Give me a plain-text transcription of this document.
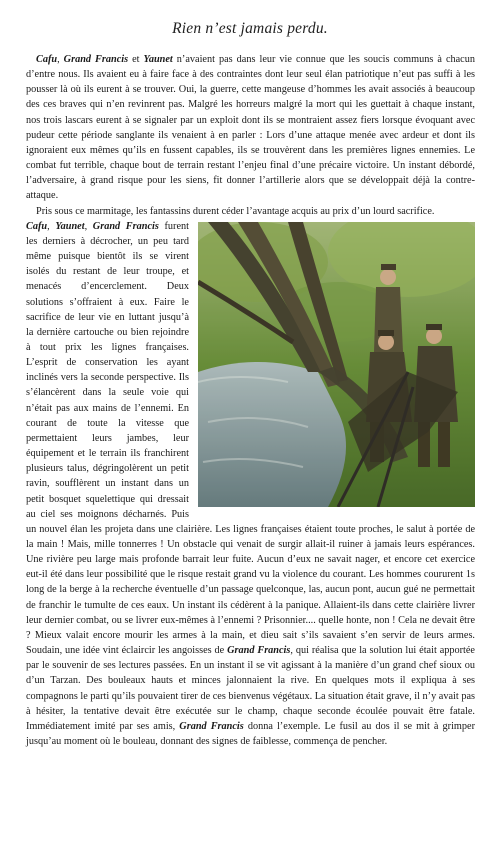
Rien n’est jamais perdu.

Cafu, Grand Francis et Yaunet n’avaient pas dans leur vie connue que les soucis communs à chacun d’entre nous. Ils avaient eu à faire face à des contraintes dont leur seul élan patriotique n’eut pas suffi à les pousser là où ils eurent à se trouver. Oui, la guerre, cette mangeuse d’hommes les avait associés à beaucoup des ces braves qui n’en revinrent pas. Malgré les horreurs malgré la mort qui les guettait à chaque instant, nos trois lascars eurent à se signaler par un exploit dont ils se montraient assez fiers lorsque évoquant avec pudeur cette période sanglante ils venaient à en parler : Lors d’une attaque menée avec ardeur et dont ils ignoraient eux mêmes qu’ils en fussent capables, ils se trouvèrent dans les premières lignes ennemies. Le combat fut terrible, chaque bout de terrain restant l’enjeu final d’une précaire victoire. Un instant débordé, l’adversaire, à grand risque pour les siens, fit donner l’artillerie alors que se développait déjà la contre-attaque.

Pris sous ce marmitage, les fantassins durent céder l’avantage acquis au prix d’un lourd sacrifice.

Cafu, Yaunet, Grand Francis furent les derniers à décrocher, un peu tard même puisque bientôt ils se virent isolés du restant de leur troupe, et menacés d’encerclement. Deux solutions s’offraient à eux. Faire le sacrifice de leur vie en luttant jusqu’à la dernière cartouche ou bien rejoindre à tout prix les lignes françaises. L’esprit de conservation les ayant inclinés vers la seconde perspective. Ils s’élancèrent dans la seule voie qui n’était pas aux mains de l’ennemi. En courant de toute la vitesse que permettaient leurs jambes, leur équipement et le terrain ils franchirent plusieurs talus, dégringolèrent un petit ravin, soufflèrent un instant dans un petit bosquet squelettique qui dressait au ciel ses moignons décharnés. Puis un nouvel élan les projeta dans une clairière. Les lignes françaises étaient toute proches, le salut à portée de la main ! Mais, mille tonnerres ! Un obstacle qui venait de surgir allait-il ruiner à jamais leurs espérances. Une rivière peu large mais profonde barrait leur fuite. Aucun d’eux ne savait nager, et encore cet exercice eut-il été dans leur possibilité que le risque restait grand vu la violence du courant. Les hommes coururent 1s long de la berge à la recherche éventuelle d’un passage quelconque, las, aucun pont, aucun gué ne permettait de franchir le tumulte de ces eaux. Un instant ils cédèrent à la panique. Allaient-ils dans cette clairière livrer leur dernier combat, ou se livrer eux-mêmes à l’ennemi ? Prisonnier.... quelle honte, non ! Cela ne devait être ? Mieux valait encore mourir les armes à la main, et dieu sait s’ils savaient s’en servir de leurs armes. Soudain, une idée vint éclaircir les angoisses de Grand Francis, qui réalisa que la solution lui était apportée par le souvenir de ses lectures passées. En un instant il se vit agissant à la manière d’un grand chef sioux ou d’un Tarzan. Des bouleaux hauts et minces jalonnaient la rive. En quelques mots il expliqua à ses compagnons le parti qu’ils pouvaient tirer de ces bienvenus végétaux. La situation était grave, il n’y avait pas à hésiter, la tentative devait être exécutée sur le champ, chaque seconde écoulée pouvait être fatale. Immédiatement imité par ses amis, Grand Francis donna l’exemple. Le fusil au dos il se mit à grimper jusqu’au moment où le bouleau, donnant des signes de faiblesse, commença de pencher.
